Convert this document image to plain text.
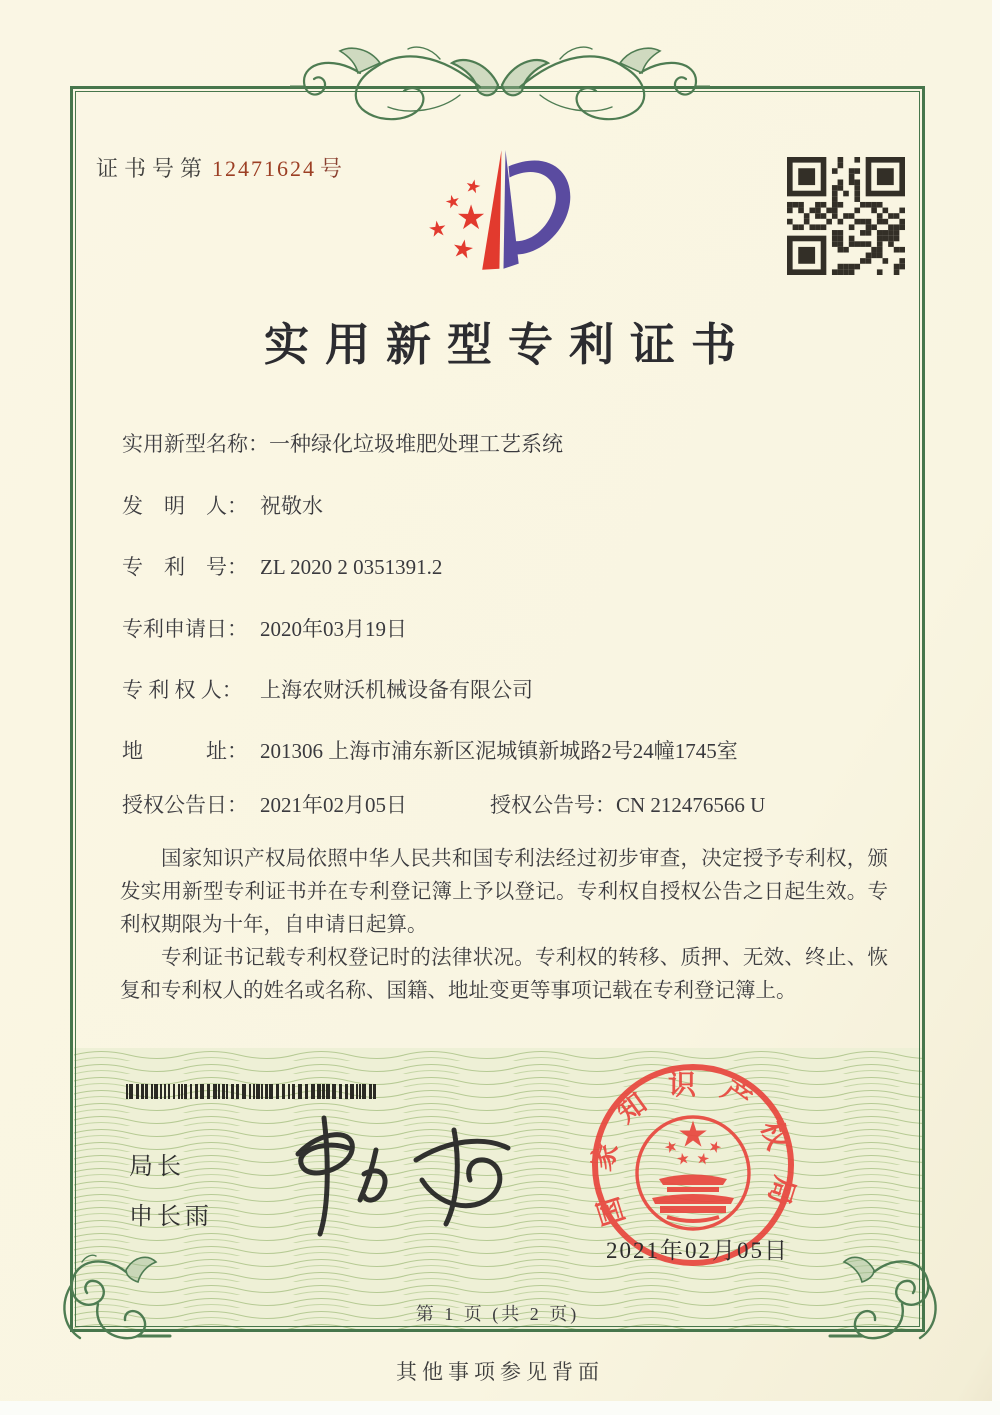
证书号第 12471624 号
实用新型专利证书
实用新型名称：一种绿化垃圾堆肥处理工艺系统
发　明　人： 祝敬水
专　利　号： ZL 2020 2 0351391.2
专利申请日： 2020年03月19日
专 利 权 人： 上海农财沃机械设备有限公司
地　　　址： 201306 上海市浦东新区泥城镇新城路2号24幢1745室
授权公告日： 2021年02月05日	授权公告号：CN 212476566 U

国家知识产权局依照中华人民共和国专利法经过初步审查，决定授予专利权，颁发实用新型专利证书并在专利登记簿上予以登记。专利权自授权公告之日起生效。专利权期限为十年，自申请日起算。

专利证书记载专利权登记时的法律状况。专利权的转移、质押、无效、终止、恢复和专利权人的姓名或名称、国籍、地址变更等事项记载在专利登记簿上。

局长
申长雨	国家知识产权局
2021年02月05日
第 1 页 (共 2 页)
其他事项参见背面
